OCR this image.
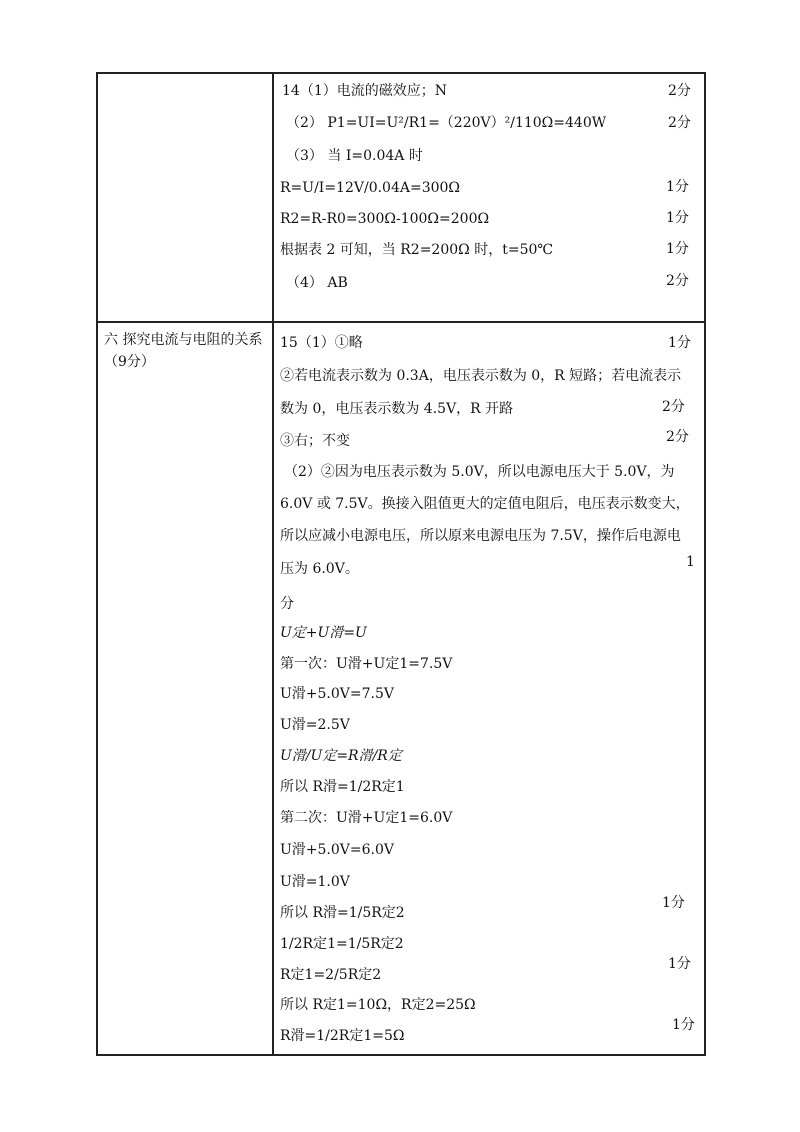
六 探究电流与电阻的关系（9分）
14（1）电流的磁效应；N
（2） P1=UI=U²/R1=（220V）²/110Ω=440W
（3） 当 I=0.04A 时
R=U/I=12V/0.04A=300Ω
R2=R-R0=300Ω-100Ω=200Ω
根据表 2 可知，当 R2=200Ω 时，t=50℃
（4） AB
15（1）①略
②若电流表示数为 0.3A，电压表示数为 0，R 短路；若电流表示
数为 0，电压表示数为 4.5V，R 开路
③右；不变
（2）②因为电压表示数为 5.0V，所以电源电压大于 5.0V，为
6.0V 或 7.5V。换接入阻值更大的定值电阻后，电压表示数变大，
所以应减小电源电压，所以原来电源电压为 7.5V，操作后电源电
压为 6.0V。
分
U定+U滑=U
第一次：U滑+U定1=7.5V
U滑+5.0V=7.5V
U滑=2.5V
U滑/U定=R滑/R定
所以 R滑=1/2R定1
第二次：U滑+U定1=6.0V
U滑+5.0V=6.0V
U滑=1.0V
所以 R滑=1/5R定2
1/2R定1=1/5R定2
R定1=2/5R定2
所以 R定1=10Ω，R定2=25Ω
R滑=1/2R定1=5Ω
2分
2分
1分
1分
1分
2分
1分
2分
2分
1
1分
1分
1分
